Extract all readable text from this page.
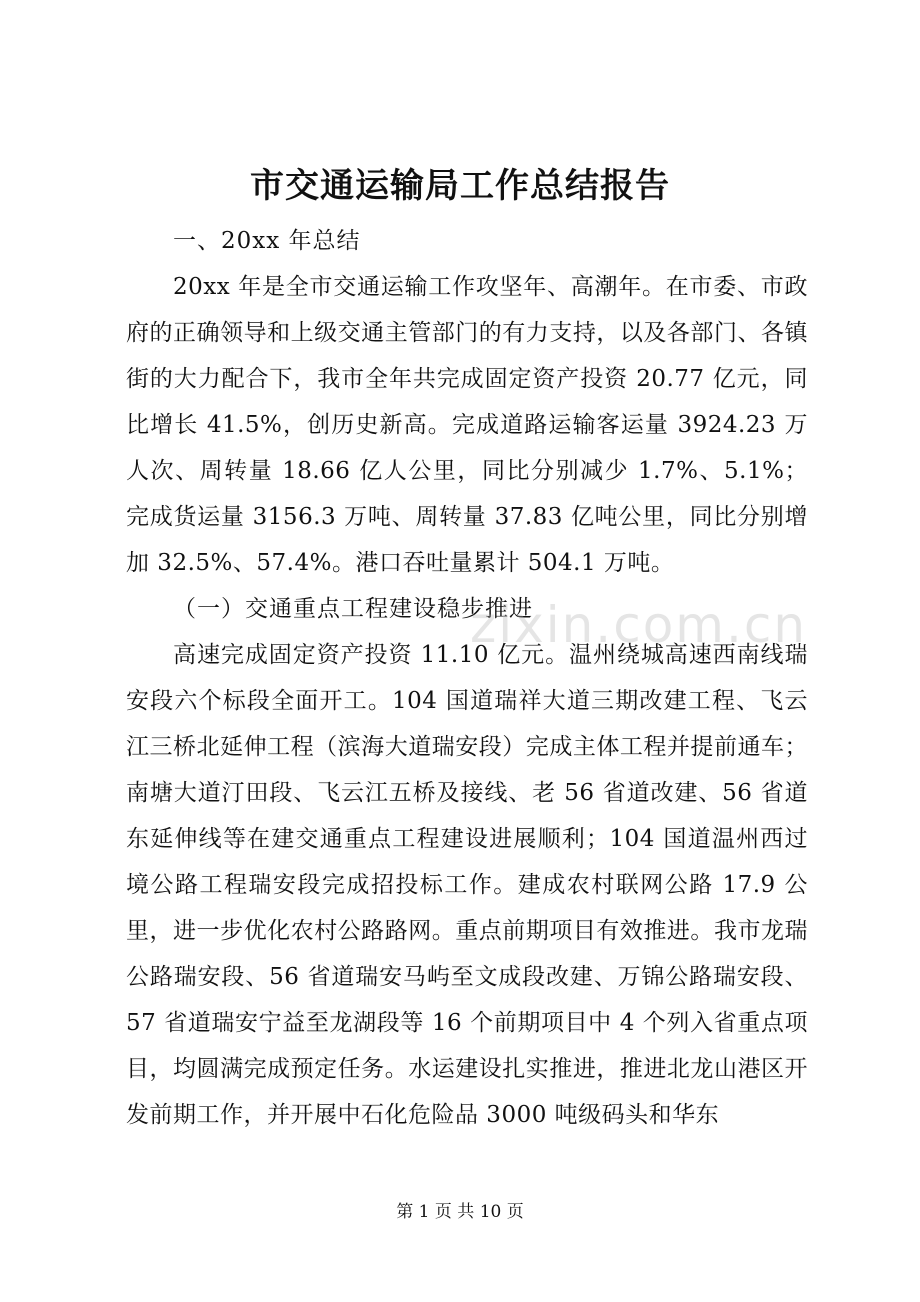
市交通运输局工作总结报告

一、20xx 年总结

20xx 年是全市交通运输工作攻坚年、高潮年。在市委、市政府的正确领导和上级交通主管部门的有力支持，以及各部门、各镇街的大力配合下，我市全年共完成固定资产投资 20.77 亿元，同比增长 41.5%，创历史新高。完成道路运输客运量 3924.23 万人次、周转量 18.66 亿人公里，同比分别减少 1.7%、5.1%；完成货运量 3156.3 万吨、周转量 37.83 亿吨公里，同比分别增加 32.5%、57.4%。港口吞吐量累计 504.1 万吨。

（一）交通重点工程建设稳步推进

高速完成固定资产投资 11.10 亿元。温州绕城高速西南线瑞安段六个标段全面开工。104 国道瑞祥大道三期改建工程、飞云江三桥北延伸工程（滨海大道瑞安段）完成主体工程并提前通车；南塘大道汀田段、飞云江五桥及接线、老 56 省道改建、56 省道东延伸线等在建交通重点工程建设进展顺利；104 国道温州西过境公路工程瑞安段完成招投标工作。建成农村联网公路 17.9 公里，进一步优化农村公路路网。重点前期项目有效推进。我市龙瑞公路瑞安段、56 省道瑞安马屿至文成段改建、万锦公路瑞安段、57 省道瑞安宁益至龙湖段等 16 个前期项目中 4 个列入省重点项目，均圆满完成预定任务。水运建设扎实推进，推进北龙山港区开发前期工作，并开展中石化危险品 3000 吨级码头和华东

zixin.com.cn
第 1 页 共 10 页
